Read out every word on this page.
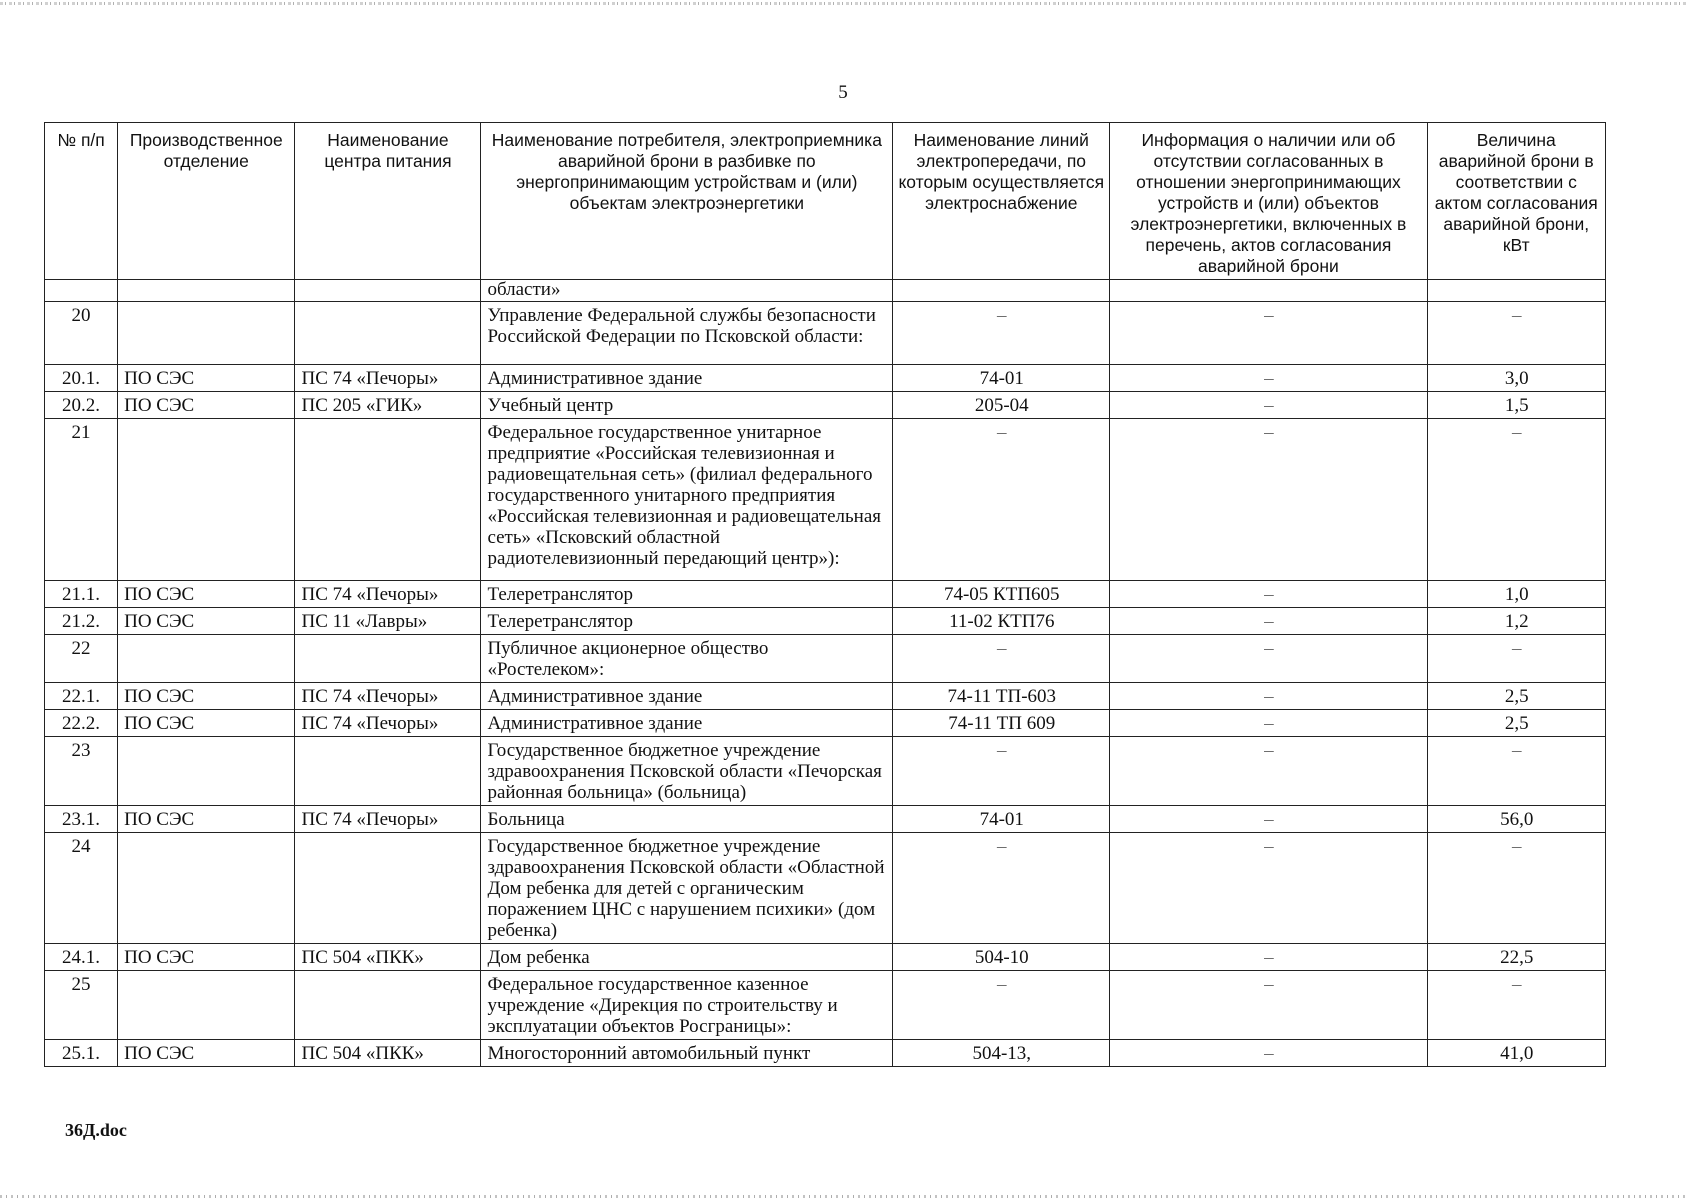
5
№ п/п	Производственное отделение	Наименование центра питания	Наименование потребителя, электроприемника аварийной брони в разбивке по энергопринимающим устройствам и (или) объектам электроэнергетики	Наименование линий электропередачи, по которым осуществляется электроснабжение	Информация о наличии или об отсутствии согласованных в отношении энергопринимающих устройств и (или) объектов электроэнергетики, включенных в перечень, актов согласования аварийной брони	Величина аварийной брони в соответствии с актом согласования аварийной брони, кВт
			области»			
20			Управление Федеральной службы безопасности Российской Федерации по Псковской области:	–	–	–
20.1.	ПО СЭС	ПС 74 «Печоры»	Административное здание	74-01	–	3,0
20.2.	ПО СЭС	ПС 205 «ГИК»	Учебный центр	205-04	–	1,5
21			Федеральное государственное унитарное предприятие «Российская телевизионная и радиовещательная сеть» (филиал федерального государственного унитарного предприятия «Российская телевизионная и радиовещательная сеть» «Псковский областной радиотелевизионный передающий центр»):	–	–	–
21.1.	ПО СЭС	ПС 74 «Печоры»	Телеретранслятор	74-05 КТП605	–	1,0
21.2.	ПО СЭС	ПС 11 «Лавры»	Телеретранслятор	11-02 КТП76	–	1,2
22			Публичное акционерное общество «Ростелеком»:	–	–	–
22.1.	ПО СЭС	ПС 74 «Печоры»	Административное здание	74-11 ТП-603	–	2,5
22.2.	ПО СЭС	ПС 74 «Печоры»	Административное здание	74-11 ТП 609	–	2,5
23			Государственное бюджетное учреждение здравоохранения Псковской области «Печорская районная больница» (больница)	–	–	–
23.1.	ПО СЭС	ПС 74 «Печоры»	Больница	74-01	–	56,0
24			Государственное бюджетное учреждение здравоохранения Псковской области «Областной Дом ребенка для детей с органическим поражением ЦНС с нарушением психики» (дом ребенка)	–	–	–
24.1.	ПО СЭС	ПС 504 «ПКК»	Дом ребенка	504-10	–	22,5
25			Федеральное государственное казенное учреждение «Дирекция по строительству и эксплуатации объектов Росграницы»:	–	–	–
25.1.	ПО СЭС	ПС 504 «ПКК»	Многосторонний автомобильный пункт	504-13,	–	41,0
36Д.doc
